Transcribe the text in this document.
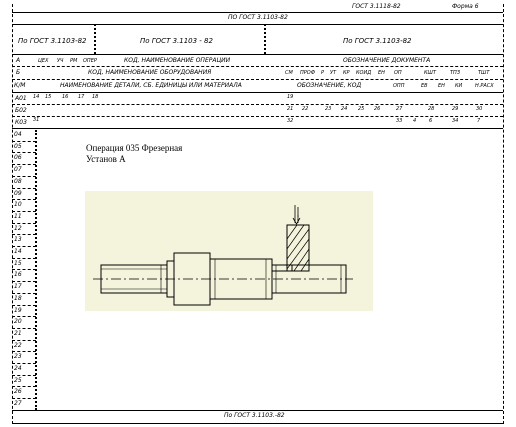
ГОСТ 3.1118-82	Форма 6
ПО ГОСТ 3.1103-82
По ГОСТ 3.1103-82	По ГОСТ 3.1103 - 82	По ГОСТ 3.1103-82
А	ЦЕХ УЧ РМ ОПЕР	КОД, НАИМЕНОВАНИЕ ОПЕРАЦИИ	ОБОЗНАЧЕНИЕ ДОКУМЕНТА
Б	КОД, НАИМЕНОВАНИЕ ОБОРУДОВАНИЯ	СМ ПРОФ Р УТ КР КОИД ЕН ОП	КШТ	ТПЗ	ТШТ
К/М	НАИМЕНОВАНИЕ ДЕТАЛИ, СБ. ЕДИНИЦЫ ИЛИ МАТЕРИАЛА	ОБОЗНАЧЕНИЕ, КОД	ОПП	ЕВ ЕН КИ	Н.РАСХ
А01 14 15 16 17 18	19
Б02	21 22	23 24 25 26	27	28	29	30
К03 31	32	33 4	6	34	7
04
05
06
07
08
09
10
11
12
13
14
15
16
17
18
19
20
21
22
23
24
25
26
27
Операция 035 Фрезерная
Установ А
По ГОСТ 3.1103.-82
